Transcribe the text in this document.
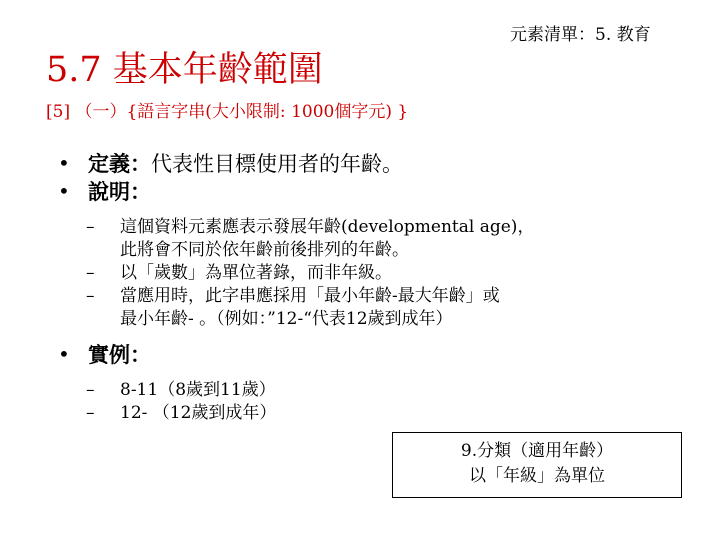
元素清單：5. 教育
5.7 基本年齡範圍
[5] （一）{語言字串(大小限制: 1000個字元) }
• 定義：代表性目標使用者的年齡。
• 說明：
– 這個資料元素應表示發展年齡(developmental age)，
此將會不同於依年齡前後排列的年齡。
– 以「歲數」為單位著錄，而非年級。
– 當應用時，此字串應採用「最小年齡-最大年齡」或
最小年齡- 。（例如：”12-“代表12歲到成年）
• 實例：
– 8-11（8歲到11歲）
– 12- （12歲到成年）
9.分類（適用年齡）
以「年級」為單位
